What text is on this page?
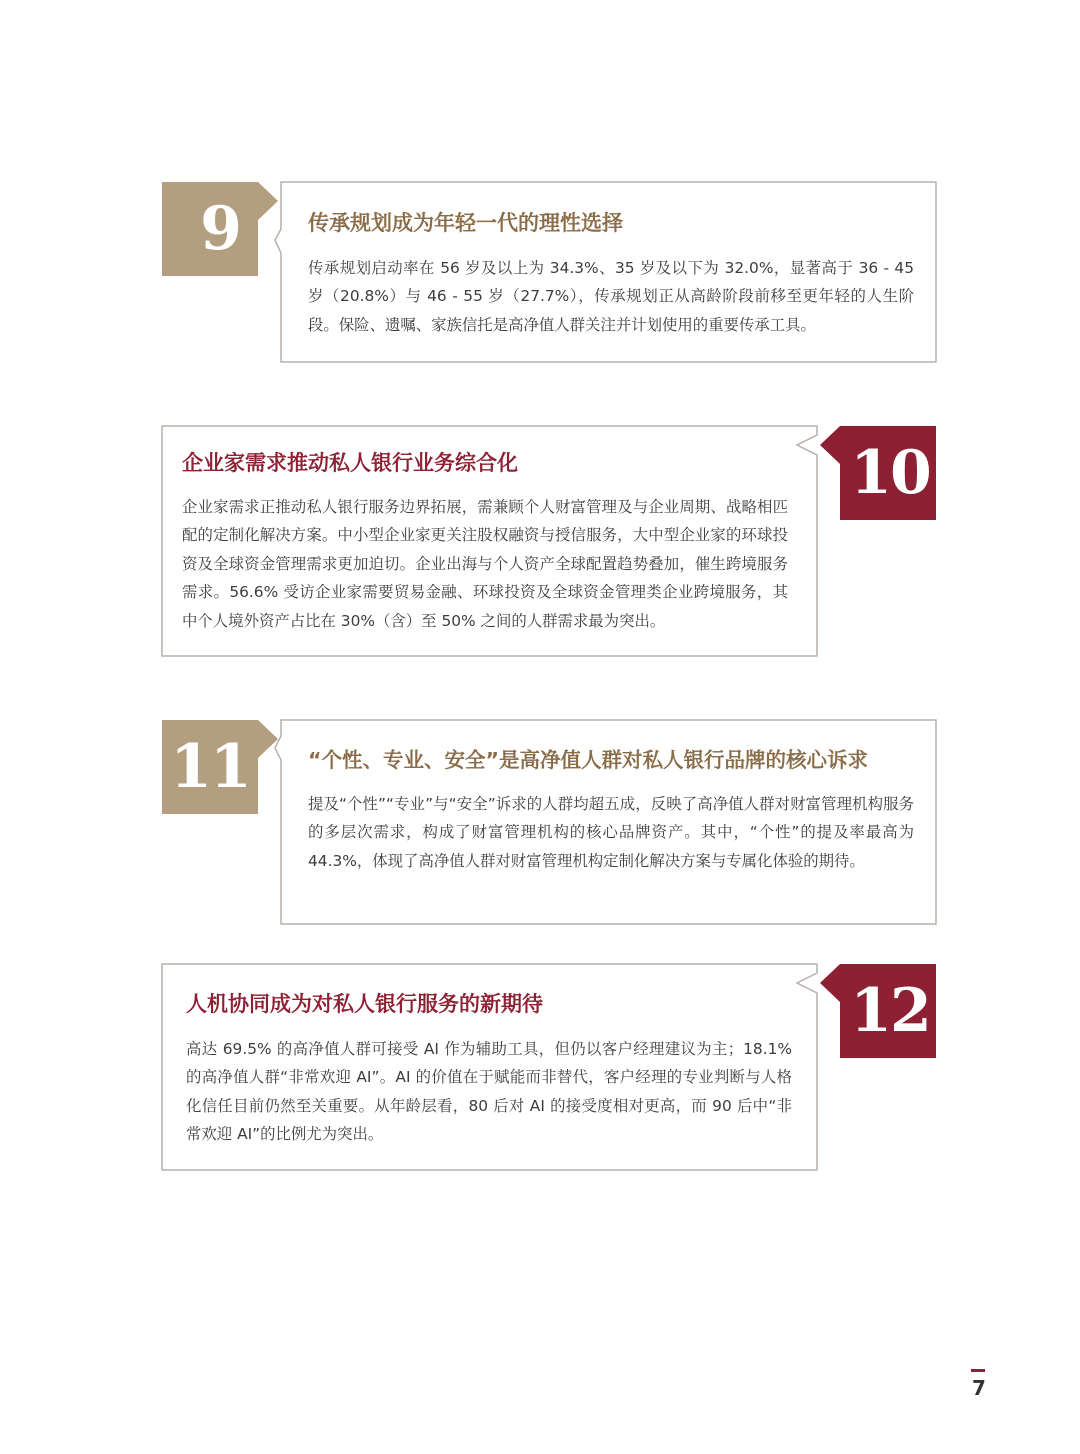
9	传承规划成为年轻一代的理性选择
传承规划启动率在 56 岁及以上为 34.3%、35 岁及以下为 32.0%，显著高于 36 - 45 岁（20.8%）与 46 - 55 岁（27.7%），传承规划正从高龄阶段前移至更年轻的人生阶段。保险、遗嘱、家族信托是高净值人群关注并计划使用的重要传承工具。
10
企业家需求推动私人银行业务综合化
企业家需求正推动私人银行服务边界拓展，需兼顾个人财富管理及与企业周期、战略相匹配的定制化解决方案。中小型企业家更关注股权融资与授信服务，大中型企业家的环球投资及全球资金管理需求更加迫切。企业出海与个人资产全球配置趋势叠加，催生跨境服务需求。56.6% 受访企业家需要贸易金融、环球投资及全球资金管理类企业跨境服务，其中个人境外资产占比在 30%（含）至 50% 之间的人群需求最为突出。
11	“个性、专业、安全”是高净值人群对私人银行品牌的核心诉求
提及“个性”“专业”与“安全”诉求的人群均超五成，反映了高净值人群对财富管理机构服务的多层次需求，构成了财富管理机构的核心品牌资产。其中，“个性”的提及率最高为 44.3%，体现了高净值人群对财富管理机构定制化解决方案与专属化体验的期待。
12
人机协同成为对私人银行服务的新期待
高达 69.5% 的高净值人群可接受 AI 作为辅助工具，但仍以客户经理建议为主；18.1% 的高净值人群“非常欢迎 AI”。AI 的价值在于赋能而非替代，客户经理的专业判断与人格化信任目前仍然至关重要。从年龄层看，80 后对 AI 的接受度相对更高，而 90 后中“非常欢迎 AI”的比例尤为突出。
7
